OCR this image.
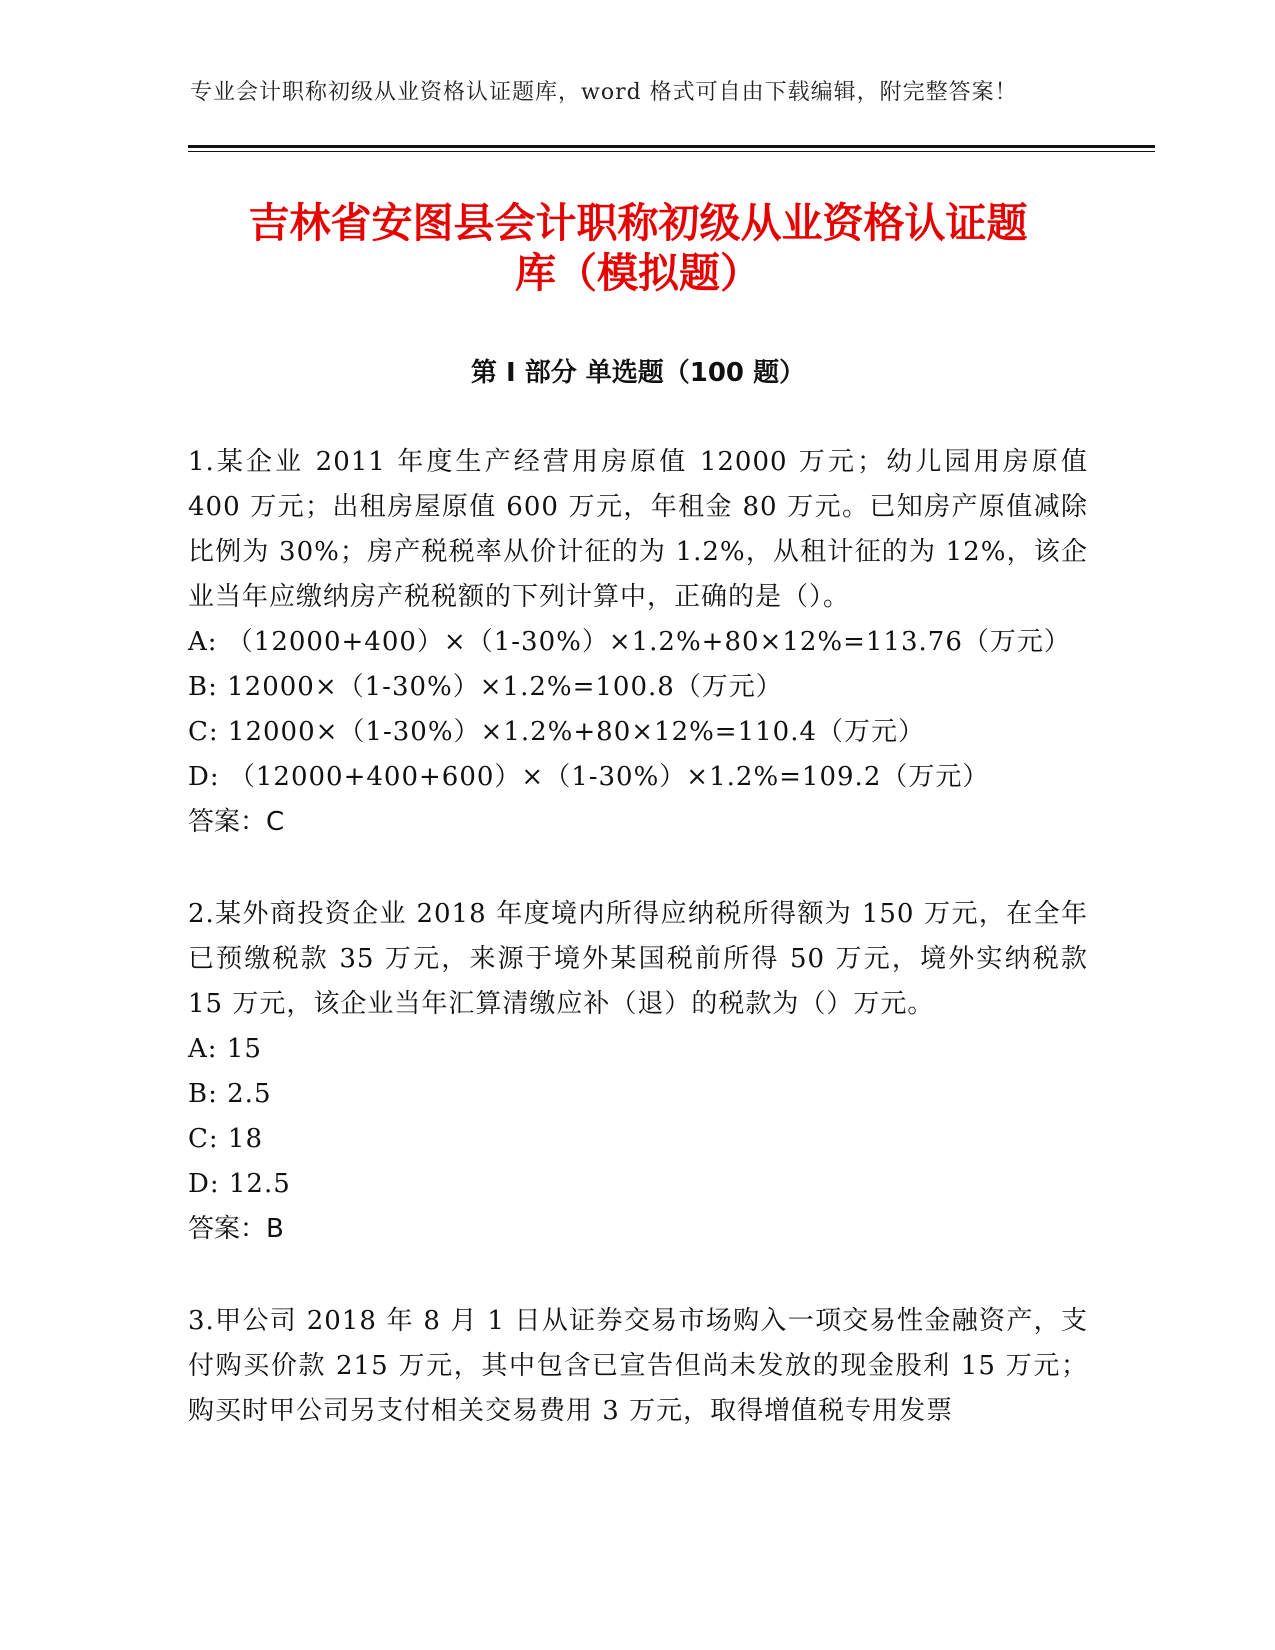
专业会计职称初级从业资格认证题库，word 格式可自由下载编辑，附完整答案！
吉林省安图县会计职称初级从业资格认证题
库（模拟题）
第 I 部分 单选题（100 题）

1.某企业 2011 年度生产经营用房原值 12000 万元；幼儿园用房原值 400 万元；出租房屋原值 600 万元，年租金 80 万元。已知房产原值减除比例为 30%；房产税税率从价计征的为 1.2%，从租计征的为 12%，该企业当年应缴纳房产税税额的下列计算中，正确的是（）。

A: （12000+400）×（1-30%）×1.2%+80×12%=113.76（万元）

B: 12000×（1-30%）×1.2%=100.8（万元）

C: 12000×（1-30%）×1.2%+80×12%=110.4（万元）

D: （12000+400+600）×（1-30%）×1.2%=109.2（万元）

答案：C

2.某外商投资企业 2018 年度境内所得应纳税所得额为 150 万元，在全年已预缴税款 35 万元，来源于境外某国税前所得 50 万元，境外实纳税款 15 万元，该企业当年汇算清缴应补（退）的税款为（）万元。

A: 15

B: 2.5

C: 18

D: 12.5

答案：B

3.甲公司 2018 年 8 月 1 日从证券交易市场购入一项交易性金融资产，支付购买价款 215 万元，其中包含已宣告但尚未发放的现金股利 15 万元；购买时甲公司另支付相关交易费用 3 万元，取得增值税专用发票
